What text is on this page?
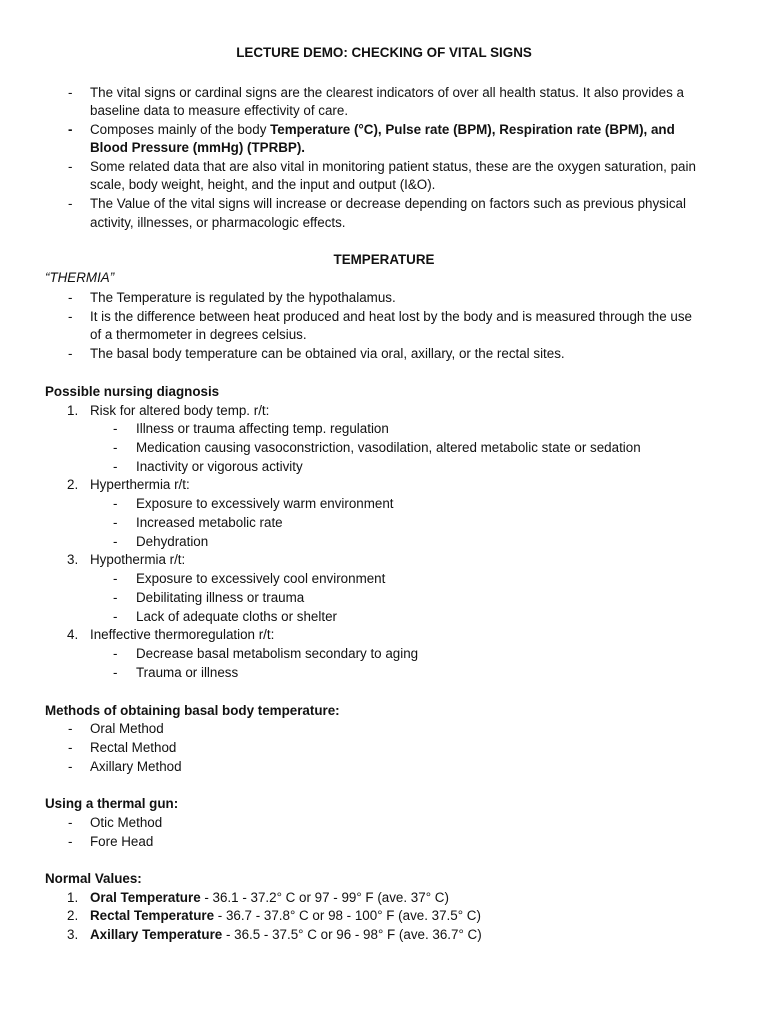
LECTURE DEMO: CHECKING OF VITAL SIGNS
- The vital signs or cardinal signs are the clearest indicators of over all health status. It also provides a
baseline data to measure effectivity of care.
- Composes mainly of the body Temperature (°C), Pulse rate (BPM), Respiration rate (BPM), and
Blood Pressure (mmHg) (TPRBP).
- Some related data that are also vital in monitoring patient status, these are the oxygen saturation, pain
scale, body weight, height, and the input and output (I&O).
- The Value of the vital signs will increase or decrease depending on factors such as previous physical
activity, illnesses, or pharmacologic effects.
TEMPERATURE
“THERMIA”
- The Temperature is regulated by the hypothalamus.
- It is the difference between heat produced and heat lost by the body and is measured through the use
of a thermometer in degrees celsius.
- The basal body temperature can be obtained via oral, axillary, or the rectal sites.
Possible nursing diagnosis
1. Risk for altered body temp. r/t:
- Illness or trauma affecting temp. regulation
- Medication causing vasoconstriction, vasodilation, altered metabolic state or sedation
- Inactivity or vigorous activity
2. Hyperthermia r/t:
- Exposure to excessively warm environment
- Increased metabolic rate
- Dehydration
3. Hypothermia r/t:
- Exposure to excessively cool environment
- Debilitating illness or trauma
- Lack of adequate cloths or shelter
4. Ineffective thermoregulation r/t:
- Decrease basal metabolism secondary to aging
- Trauma or illness
Methods of obtaining basal body temperature:
- Oral Method
- Rectal Method
- Axillary Method
Using a thermal gun:
- Otic Method
- Fore Head
Normal Values:
1. Oral Temperature - 36.1 - 37.2° C or 97 - 99° F (ave. 37° C)
2. Rectal Temperature - 36.7 - 37.8° C or 98 - 100° F (ave. 37.5° C)
3. Axillary Temperature - 36.5 - 37.5° C or 96 - 98° F (ave. 36.7° C)
